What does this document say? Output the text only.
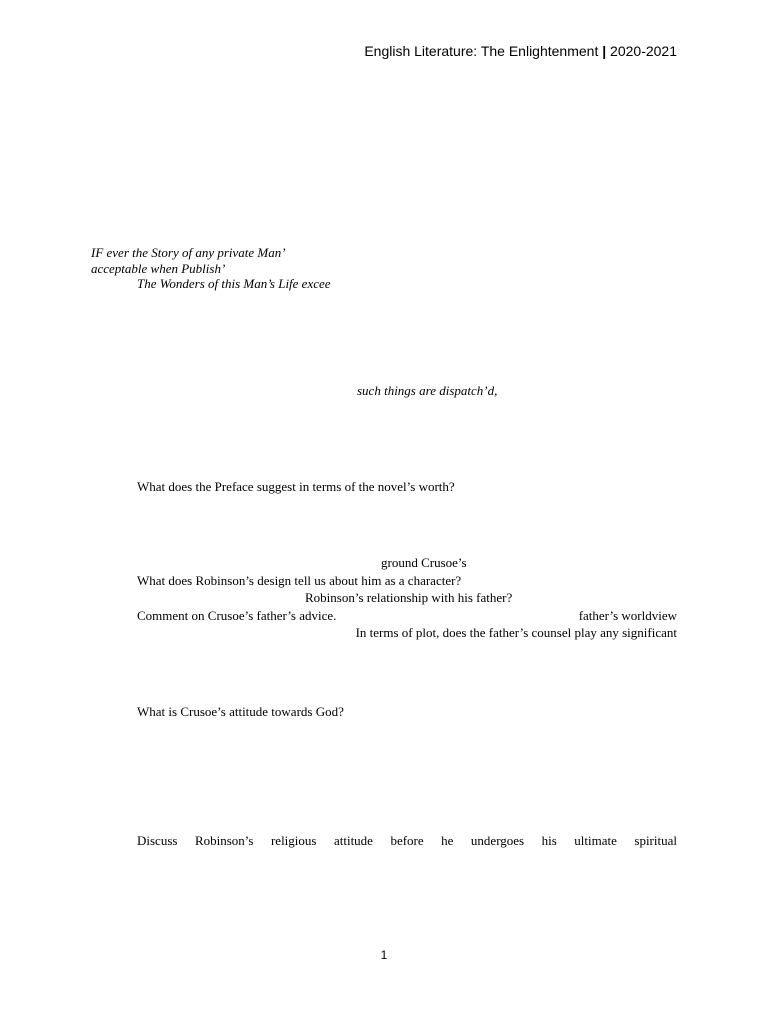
English Literature: The Enlightenment | 2020-2021
IF ever the Story of any private Man’
acceptable when Publish’
The Wonders of this Man’s Life excee
such things are dispatch’d,
What does the Preface suggest in terms of the novel’s worth?
ground Crusoe’s
What does Robinson’s design tell us about him as a character?
Robinson’s relationship with his father?
Comment on Crusoe’s father’s advice.	father’s worldview
In terms of plot, does the father’s counsel play any significant
What is Crusoe’s attitude towards God?
Discuss Robinson’s religious attitude before he undergoes his ultimate spiritual
1
